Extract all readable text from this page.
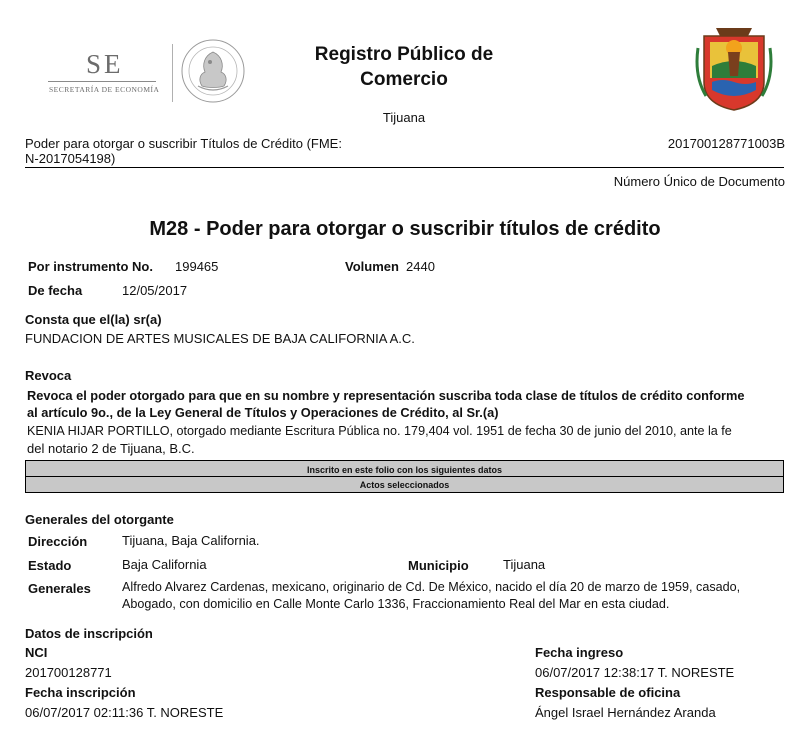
SE
SECRETARÍA DE ECONOMÍA
Registro Público de
Comercio
Tijuana
Poder para otorgar o suscribir Títulos de Crédito (FME:
N-2017054198)
201700128771003B
Número Único de Documento
M28 - Poder para otorgar o suscribir títulos de crédito
Por instrumento No. 199465	Volumen 2440
De fecha	12/05/2017
Consta que el(la) sr(a)
FUNDACION DE ARTES MUSICALES DE BAJA CALIFORNIA A.C.
Revoca
Revoca el poder otorgado para que en su nombre y representación suscriba toda clase de títulos de crédito conforme
al artículo 9o., de la Ley General de Títulos y Operaciones de Crédito, al Sr.(a)
KENIA HIJAR PORTILLO, otorgado mediante Escritura Pública no. 179,404 vol. 1951 de fecha 30 de junio del 2010, ante la fe
del notario 2 de Tijuana, B.C.
Inscrito en este folio con los siguientes datos
Actos seleccionados
Generales del otorgante
Dirección	Tijuana, Baja California.
Estado	Baja California	Municipio	Tijuana
Generales Alfredo Alvarez Cardenas, mexicano, originario de Cd. De México, nacido el día 20 de marzo de 1959, casado,
Abogado, con domicilio en Calle Monte Carlo 1336, Fraccionamiento Real del Mar en esta ciudad.
Datos de inscripción
NCI
201700128771
Fecha inscripción
06/07/2017 02:11:36 T. NORESTE
Fecha ingreso
06/07/2017 12:38:17 T. NORESTE
Responsable de oficina
Ángel Israel Hernández Aranda
